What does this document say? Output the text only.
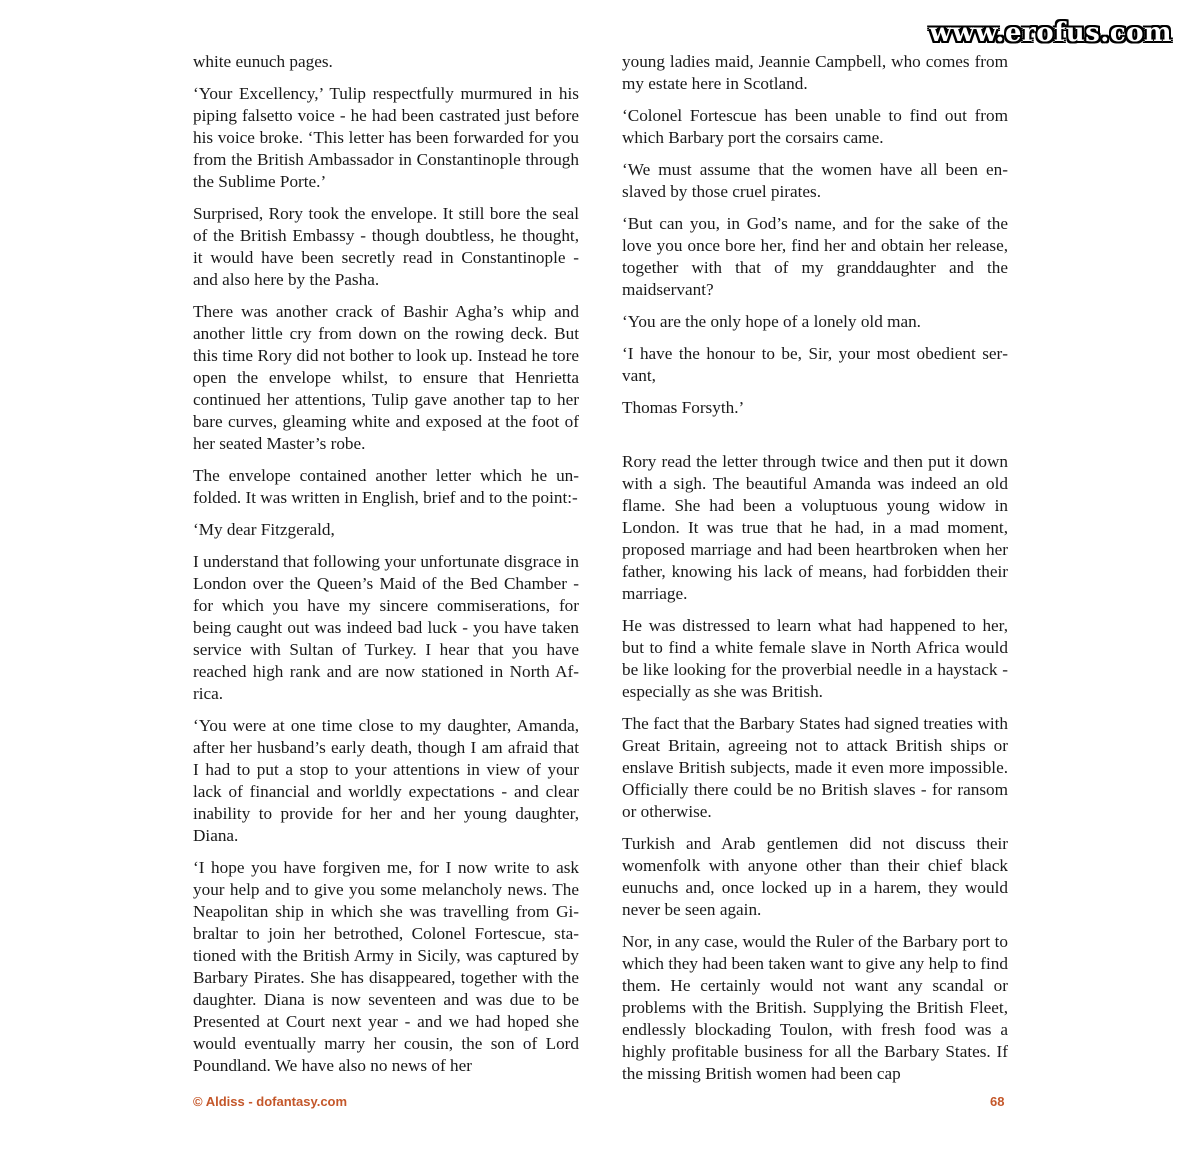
www.erofus.com

white eunuch pages.

‘Your Excellency,’ Tulip respectfully murmured in his piping falsetto voice - he had been castrated just before his voice broke. ‘This letter has been forwarded for you from the British Ambassador in Constantinople through the Sublime Porte.’

Surprised, Rory took the envelope. It still bore the seal of the British Embassy - though doubtless, he thought, it would have been secretly read in Constantinople - and also here by the Pasha.

There was another crack of Bashir Agha’s whip and another little cry from down on the rowing deck. But this time Rory did not bother to look up. Instead he tore open the envelope whilst, to ensure that Henrietta continued her attentions, Tulip gave another tap to her bare curves, gleaming white and exposed at the foot of her seated Master’s robe.

The envelope contained another letter which he unfolded. It was written in English, brief and to the point:-

‘My dear Fitzgerald,

I understand that following your unfortunate disgrace in London over the Queen’s Maid of the Bed Chamber - for which you have my sincere commiserations, for being caught out was indeed bad luck - you have taken service with Sultan of Turkey. I hear that you have reached high rank and are now stationed in North Africa.

‘You were at one time close to my daughter, Amanda, after her husband’s early death, though I am afraid that I had to put a stop to your attentions in view of your lack of financial and worldly expectations - and clear inability to provide for her and her young daughter, Diana.

‘I hope you have forgiven me, for I now write to ask your help and to give you some melancholy news. The Neapolitan ship in which she was travelling from Gibraltar to join her betrothed, Colonel Fortescue, stationed with the British Army in Sicily, was captured by Barbary Pirates. She has disappeared, together with the daughter. Diana is now seventeen and was due to be Presented at Court next year - and we had hoped she would eventually marry her cousin, the son of Lord Poundland. We have also no news of her

young ladies maid, Jeannie Campbell, who comes from my estate here in Scotland.

‘Colonel Fortescue has been unable to find out from which Barbary port the corsairs came.

‘We must assume that the women have all been enslaved by those cruel pirates.

‘But can you, in God’s name, and for the sake of the love you once bore her, find her and obtain her release, together with that of my granddaughter and the maidservant?

‘You are the only hope of a lonely old man.

‘I have the honour to be, Sir, your most obedient servant,

Thomas Forsyth.’

Rory read the letter through twice and then put it down with a sigh. The beautiful Amanda was indeed an old flame. She had been a voluptuous young widow in London. It was true that he had, in a mad moment, proposed marriage and had been heartbroken when her father, knowing his lack of means, had forbidden their marriage.

He was distressed to learn what had happened to her, but to find a white female slave in North Africa would be like looking for the proverbial needle in a haystack - especially as she was British.

The fact that the Barbary States had signed treaties with Great Britain, agreeing not to attack British ships or enslave British subjects, made it even more impossible. Officially there could be no British slaves - for ransom or otherwise.

Turkish and Arab gentlemen did not discuss their womenfolk with anyone other than their chief black eunuchs and, once locked up in a harem, they would never be seen again.

Nor, in any case, would the Ruler of the Barbary port to which they had been taken want to give any help to find them. He certainly would not want any scandal or problems with the British. Supplying the British Fleet, endlessly blockading Toulon, with fresh food was a highly profitable business for all the Barbary States. If the missing British women had been cap

© Aldiss - dofantasy.com	68
